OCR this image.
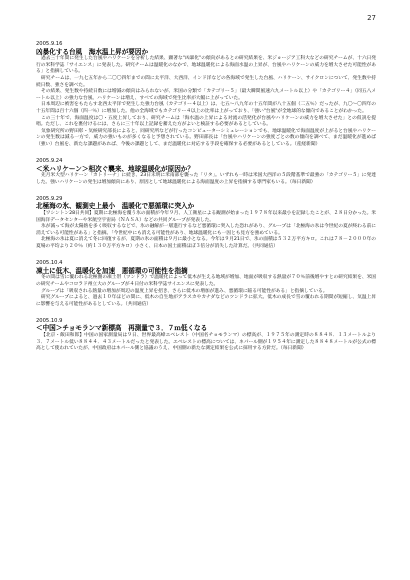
27
2005.9.16
凶暴化する台風　海水温上昇が要因か
過去三十年間に発生した台風やハリケーンを分析した結果、顕著な"凶暴化"の傾向があるとの研究結果を、米ジョージア工科大などの研究チームが、十六日発行の米科学誌「サイエンス」に発表した。研究チームは温暖化のなかで、地球温暖化による海面水温の上昇が、台風やハリケーンの威力を増大させた可能性がある」と指摘している。
研究チームは、一九七五年から二〇〇四年までの間に太平洋、大西洋、インド洋などの各海域で発生した台風、ハリケーン、サイクロンについて、発生数や持続日数、強さを調べた。
その結果、発生数や持続日数には増減の傾向はみられないが、米国の分類で「カテゴリー５」（最大瞬間風速六九メートル以上）や「カテゴリー４」（同五八メートル以上）の強力な台風、ハリケーンは増え、すべての海域で発生比率が大幅に上がっていた。
日本周辺に被害をもたらす北西太平洋で発生した強力台風（カテゴリー４以上）は、七五～八九年の十五年間が八十五個（二五％）だったが、九〇～〇四年の十五年間は百十六個（四一％）に増加した。他の全海域でもカテゴリー４以上の比率は上がっており、「強い"台風"が全地球的な傾向であることがわかった。
この三十年で、海面温度は〇・五度上昇しており、研究チームは「海水温の上昇による対流の活発化が台風やハリケーンの威力を増大させた」との仮説を提唱。ただし、これを裏付けるには、さらに三十年以上記録を蓄えた方がよいと検証する必要があるとしている。
気象研究所の野田彰・気候研究部長によると、同研究所などが行ったコンピューターシミュレーションでも、地球温暖化で海面温度が上がると台風やハリケーンの発生数は減る一方で、威力の強いものが多くなると予想されている。野田部長は「台風やハリケーンの強度ごとの数の傾向を調べて、まだ温暖化が進めば（強い）台風を、新たな課題があれば、今後の課題として、まだ温暖化に対応する手段を確保する必要があるとしている。（産経新聞）
2005.9.24
＜米ハリケーン＞相次ぐ襲来、地球温暖化が原因か？
先月米大型ハリケーン「カトリーナ」に続き、23日未明に米南部を襲った「リタ」。いずれも一時は米国大西洋の５段階基準で最強の「カテゴリー５」に発達した。強いハリケーンの発生は増加傾向にあり、原因として地球温暖化による海面温度の上昇を指摘する専門家もいる。（毎日新聞）
2005.9.29
北極海の氷、観測史上最小　温暖化で悪循環に突入か
【ワシントン28日共同】夏期に北極海を覆う氷の面積が今年９月、人工衛星による観測が始まった１９７８年以来最小を記録したことが、２８日分かった。米国海洋データセンターや米航空宇宙局（ＮＡＳＡ）などの共同グループが発表した。
氷が減って海が太陽熱を多く吸収するなどで、氷の融解が一層進行するなど悪循環に突入した恐れがあり、グループは「北極海の氷は今世紀の夏が終わる前に消えている可能性がある」と指摘。「今世紀中にも消える可能性があり、地球温暖化にも一因とも見方を強めている。
北極海の氷は夏に消えて冬に回復するが、夏期の氷の面積は９月に最小となる。今年は９月21日で、氷の面積は５３２万平方キロ。これは７８－２０００年の夏場の平均より２０％（約１３０万平方キロ）小さく、日本の国土面積ほぼ３倍分が消失した計算だ。（共同通信）
2005.10.4
凍土に低木、温暖化を加速　悪循環の可能性を指摘
冬の間は雪に覆われる北極圏の凍土帯（ツンドラ）で温暖化によって低木が生える地域が増加、地面が吸収する熱量が７０％前後増やすとの研究結果を、米国の研究チームやコロラド州立大のグループが４日付の米科学誌サイエンスに発表した。
グループは「吸収される熱量の増加が周辺の温度上昇を招き、さらに低木の増加が進み、悪循環に陥る可能性がある」と指摘している。
研究グループによると、過去１０年ほどの間に、低木の自生地がアラスカやカナダなどのツンドラに拡大。低木の成長で雪の覆われる期間が短縮し、気温上昇に影響を与える可能性があるとしている。（共同通信）
2005.10.9
＜中国＞チョモランマ新標高　再測量で３．７ｍ低くなる
【北京・飯田和郎】中国の国家測量局は９日、世界最高峰エベレスト（中国名チョモランマ）の標高が、１９７５年の測定時の８８４８．１３メートルより３．７メートル低い８８４４．４３メートルだったと発表した。エベレストの標高については、ネパール側が１９５４年に測定した８８４８メートルが公式の標高として使われていたが、中国政府はネパール側と協議のうえ、中国側の新たな測定結果を公式に採用する方針だ。（毎日新聞）
